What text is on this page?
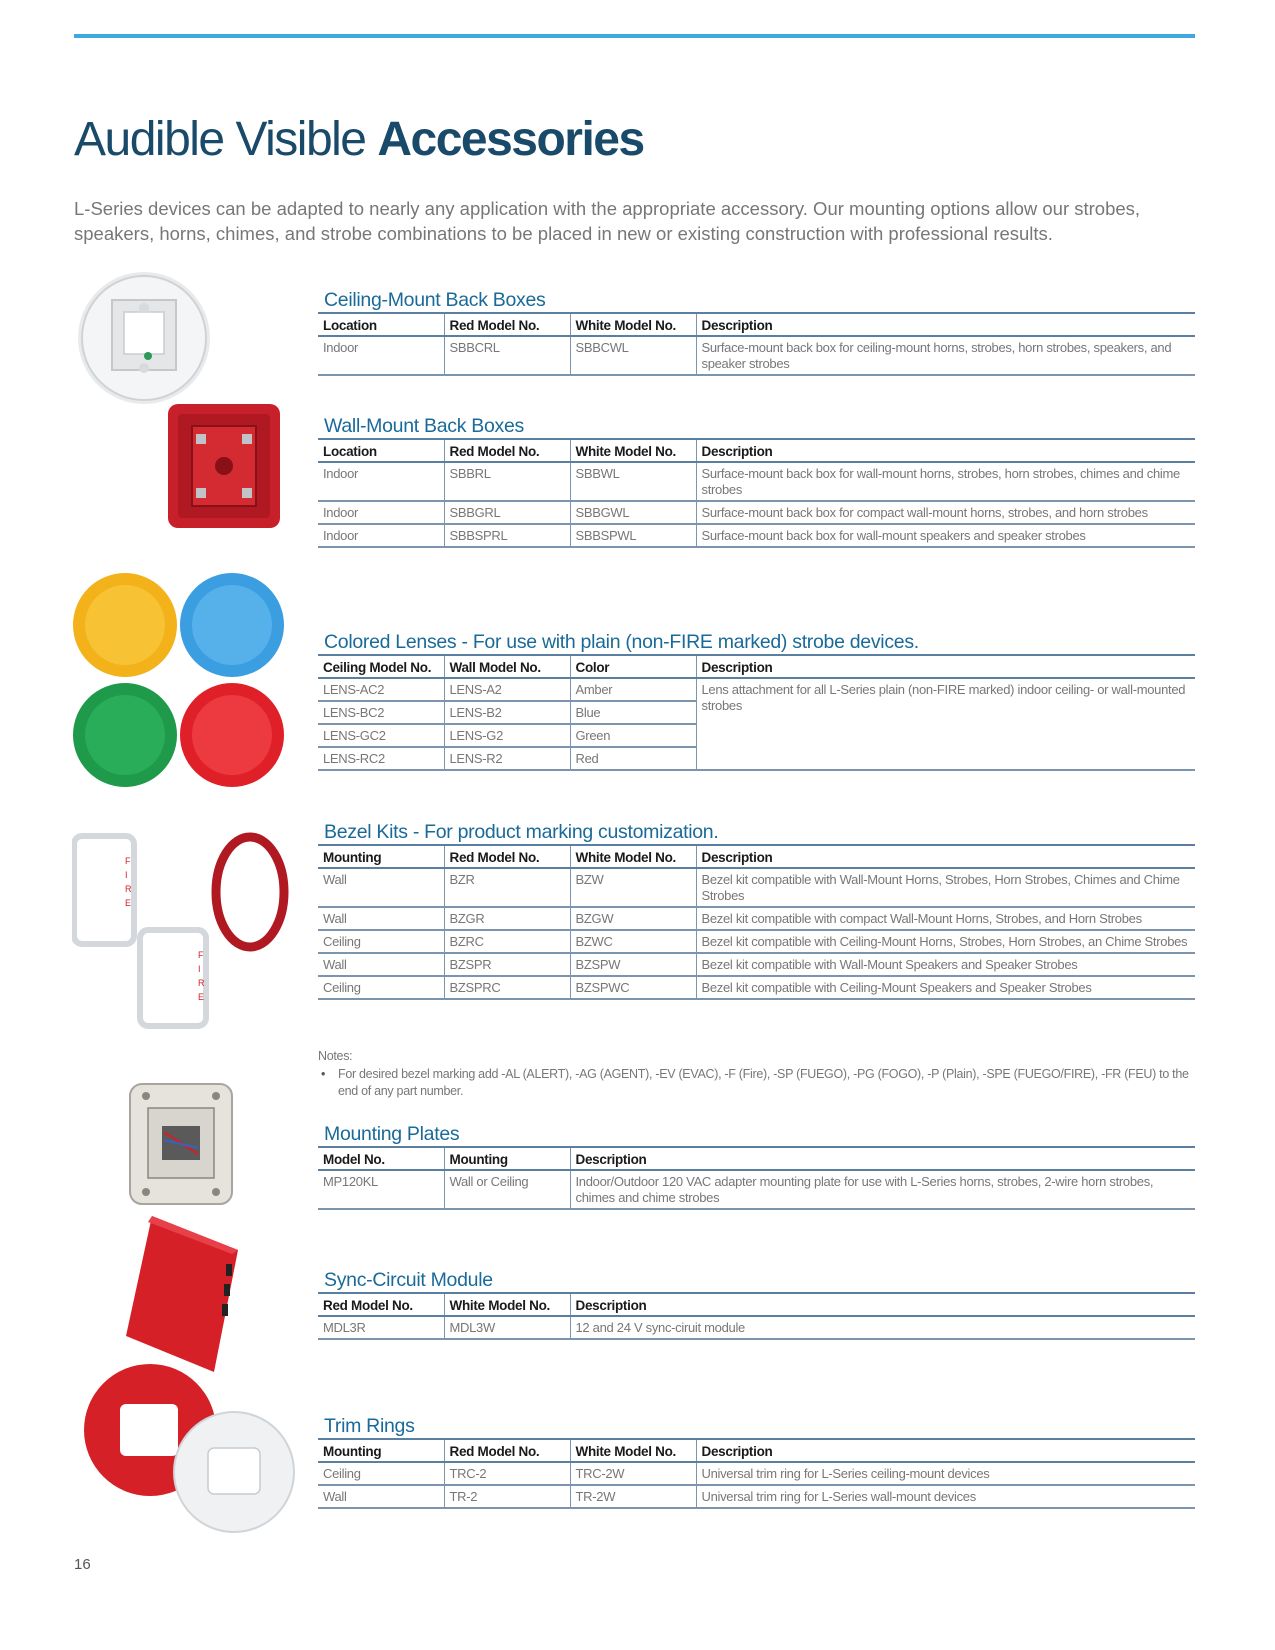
Audible Visible Accessories

L-Series devices can be adapted to nearly any application with the appropriate accessory. Our mounting options allow our strobes, speakers, horns, chimes, and strobe combinations to be placed in new or existing construction with professional results.

F
I
R
E
F
I
R
E
Ceiling-Mount Back Boxes
Location	Red Model No.	White Model No.	Description
Indoor	SBBCRL	SBBCWL	Surface-mount back box for ceiling-mount horns, strobes, horn strobes, speakers, and speaker strobes
Wall-Mount Back Boxes
Location	Red Model No.	White Model No.	Description
Indoor	SBBRL	SBBWL	Surface-mount back box for wall-mount horns, strobes, horn strobes, chimes and chime strobes
Indoor	SBBGRL	SBBGWL	Surface-mount back box for compact wall-mount horns, strobes, and horn strobes
Indoor	SBBSPRL	SBBSPWL	Surface-mount back box for wall-mount speakers and speaker strobes
Colored Lenses - For use with plain (non-FIRE marked) strobe devices.
Ceiling Model No.	Wall Model No.	Color	Description
LENS-AC2	LENS-A2	Amber	Lens attachment for all L-Series plain (non-FIRE marked) indoor ceiling- or wall-mounted strobes
LENS-BC2	LENS-B2	Blue	
LENS-GC2	LENS-G2	Green	
LENS-RC2	LENS-R2	Red	
Bezel Kits - For product marking customization.
Mounting	Red Model No.	White Model No.	Description
Wall	BZR	BZW	Bezel kit compatible with Wall-Mount Horns, Strobes, Horn Strobes, Chimes and Chime Strobes
Wall	BZGR	BZGW	Bezel kit compatible with compact Wall-Mount Horns, Strobes, and Horn Strobes
Ceiling	BZRC	BZWC	Bezel kit compatible with Ceiling-Mount Horns, Strobes, Horn Strobes, an Chime Strobes
Wall	BZSPR	BZSPW	Bezel kit compatible with Wall-Mount Speakers and Speaker Strobes
Ceiling	BZSPRC	BZSPWC	Bezel kit compatible with Ceiling-Mount Speakers and Speaker Strobes
Notes:
• For desired bezel marking add -AL (ALERT), -AG (AGENT), -EV (EVAC), -F (Fire), -SP (FUEGO), -PG (FOGO), -P (Plain), -SPE (FUEGO/FIRE), -FR (FEU) to the end of any part number.
Mounting Plates
Model No.	Mounting	Description
MP120KL	Wall or Ceiling	Indoor/Outdoor 120 VAC adapter mounting plate for use with L-Series horns, strobes, 2-wire horn strobes, chimes and chime strobes
Sync-Circuit Module
Red Model No.	White Model No.	Description
MDL3R	MDL3W	12 and 24 V sync-ciruit module
Trim Rings
Mounting	Red Model No.	White Model No.	Description
Ceiling	TRC-2	TRC-2W	Universal trim ring for L-Series ceiling-mount devices
Wall	TR-2	TR-2W	Universal trim ring for L-Series wall-mount devices
16
